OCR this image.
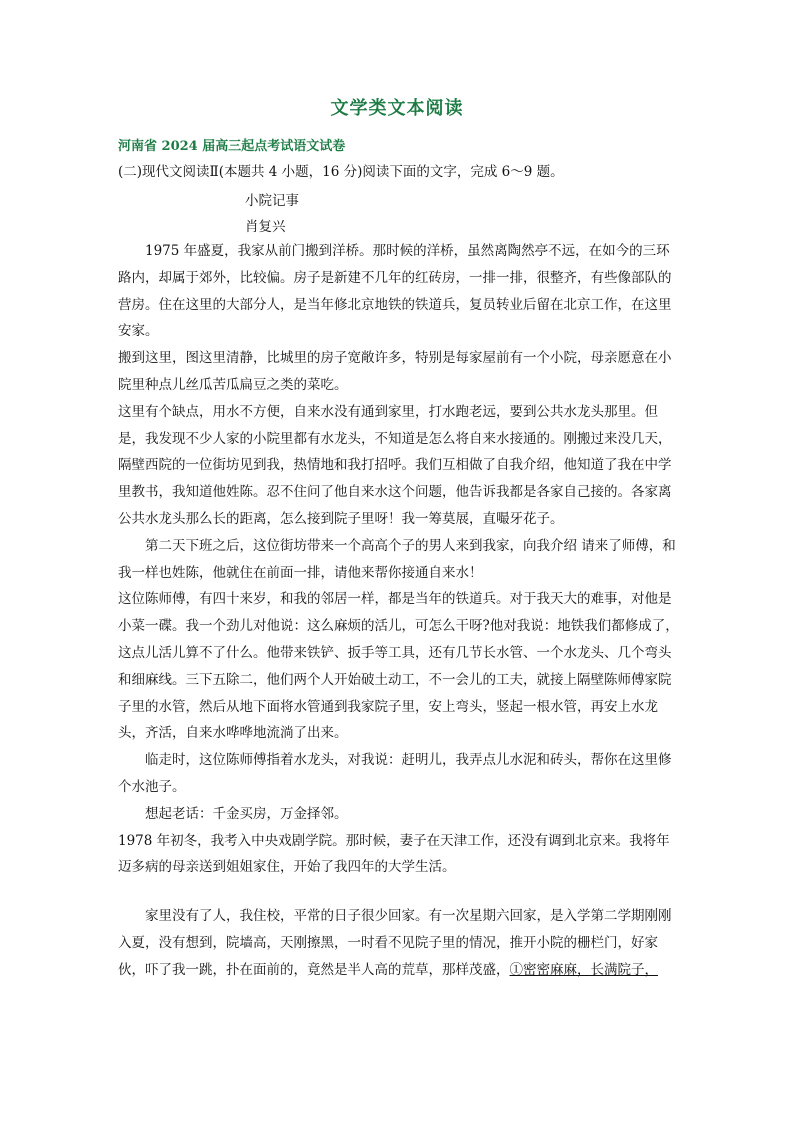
文学类文本阅读
河南省 2024 届高三起点考试语文试卷
(二)现代文阅读Ⅱ(本题共 4 小题，16 分)阅读下面的文字，完成 6～9 题。
小院记事
肖复兴

1975 年盛夏，我家从前门搬到洋桥。那时候的洋桥，虽然离陶然亭不远，在如今的三环路内，却属于郊外，比较偏。房子是新建不几年的红砖房，一排一排，很整齐，有些像部队的营房。住在这里的大部分人，是当年修北京地铁的铁道兵，复员转业后留在北京工作，在这里安家。

搬到这里，图这里清静，比城里的房子宽敞许多，特别是每家屋前有一个小院，母亲愿意在小院里种点儿丝瓜苦瓜扁豆之类的菜吃。

这里有个缺点，用水不方便，自来水没有通到家里，打水跑老远，要到公共水龙头那里。但是，我发现不少人家的小院里都有水龙头，不知道是怎么将自来水接通的。刚搬过来没几天，隔壁西院的一位街坊见到我，热情地和我打招呼。我们互相做了自我介绍，他知道了我在中学里教书，我知道他姓陈。忍不住问了他自来水这个问题，他告诉我都是各家自己接的。各家离公共水龙头那么长的距离，怎么接到院子里呀！我一筹莫展，直嘬牙花子。

第二天下班之后，这位街坊带来一个高高个子的男人来到我家，向我介绍 请来了师傅，和我一样也姓陈，他就住在前面一排，请他来帮你接通自来水！

这位陈师傅，有四十来岁，和我的邻居一样，都是当年的铁道兵。对于我天大的难事，对他是小菜一碟。我一个劲儿对他说：这么麻烦的活儿，可怎么干呀?他对我说：地铁我们都修成了，这点儿活儿算不了什么。他带来铁铲、扳手等工具，还有几节长水管、一个水龙头、几个弯头和细麻线。三下五除二，他们两个人开始破土动工，不一会儿的工夫，就接上隔壁陈师傅家院子里的水管，然后从地下面将水管通到我家院子里，安上弯头，竖起一根水管，再安上水龙头，齐活，自来水哗哗地流淌了出来。

临走时，这位陈师傅指着水龙头，对我说：赶明儿，我弄点儿水泥和砖头，帮你在这里修个水池子。

想起老话：千金买房，万金择邻。

1978 年初冬，我考入中央戏剧学院。那时候，妻子在天津工作，还没有调到北京来。我将年迈多病的母亲送到姐姐家住，开始了我四年的大学生活。

家里没有了人，我住校，平常的日子很少回家。有一次星期六回家，是入学第二学期刚刚入夏，没有想到，院墙高，天刚擦黑，一时看不见院子里的情况，推开小院的栅栏门，好家伙，吓了我一跳，扑在面前的，竟然是半人高的荒草，那样茂盛，①密密麻麻，长满院子，
